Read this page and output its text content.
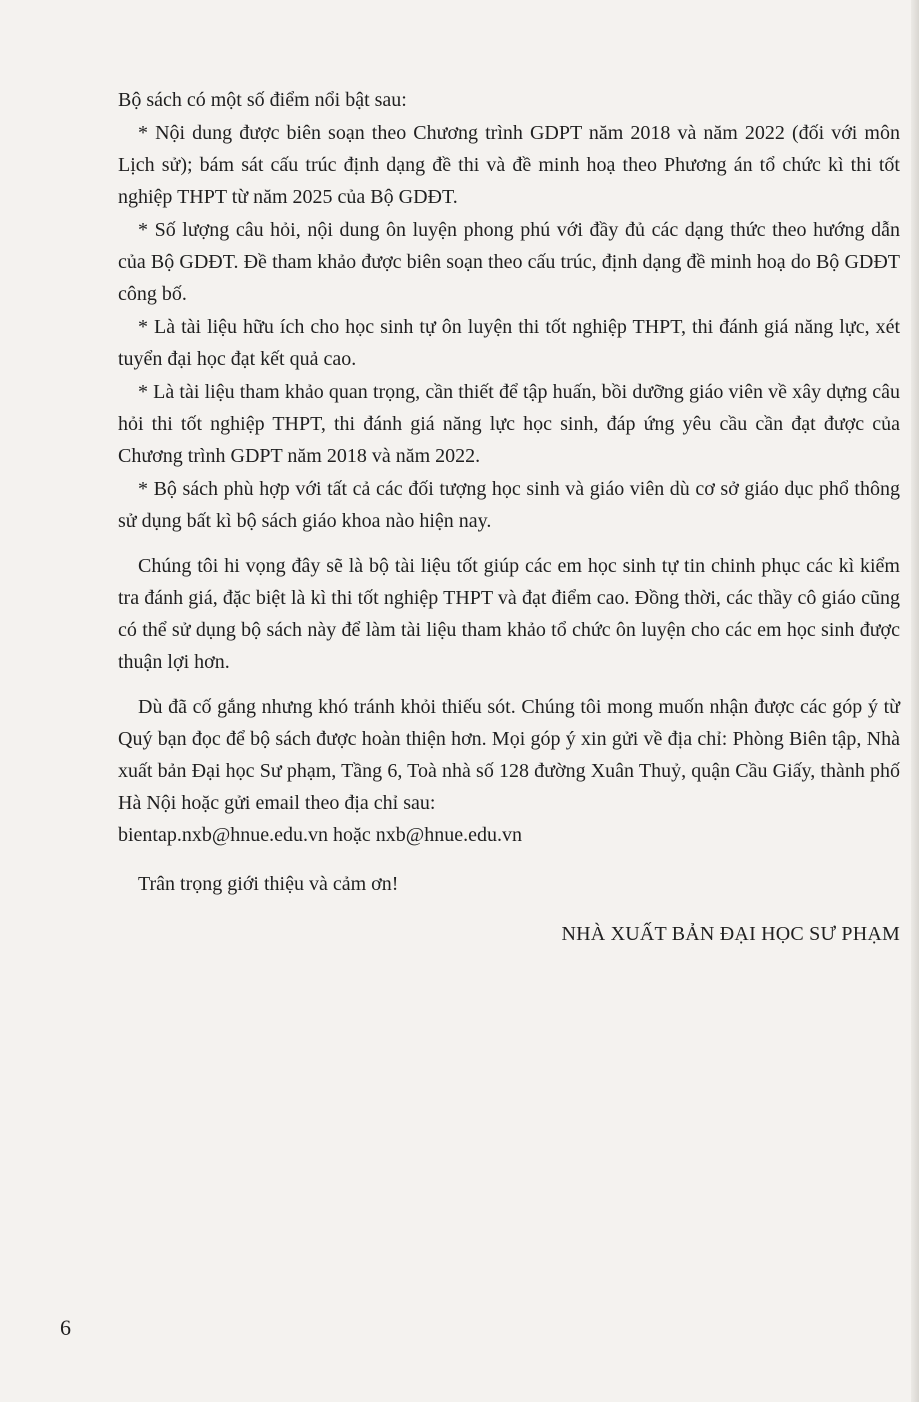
Bộ sách có một số điểm nổi bật sau:

* Nội dung được biên soạn theo Chương trình GDPT năm 2018 và năm 2022 (đối với môn Lịch sử); bám sát cấu trúc định dạng đề thi và đề minh hoạ theo Phương án tổ chức kì thi tốt nghiệp THPT từ năm 2025 của Bộ GDĐT.

* Số lượng câu hỏi, nội dung ôn luyện phong phú với đầy đủ các dạng thức theo hướng dẫn của Bộ GDĐT. Đề tham khảo được biên soạn theo cấu trúc, định dạng đề minh hoạ do Bộ GDĐT công bố.

* Là tài liệu hữu ích cho học sinh tự ôn luyện thi tốt nghiệp THPT, thi đánh giá năng lực, xét tuyển đại học đạt kết quả cao.

* Là tài liệu tham khảo quan trọng, cần thiết để tập huấn, bồi dưỡng giáo viên về xây dựng câu hỏi thi tốt nghiệp THPT, thi đánh giá năng lực học sinh, đáp ứng yêu cầu cần đạt được của Chương trình GDPT năm 2018 và năm 2022.

* Bộ sách phù hợp với tất cả các đối tượng học sinh và giáo viên dù cơ sở giáo dục phổ thông sử dụng bất kì bộ sách giáo khoa nào hiện nay.

Chúng tôi hi vọng đây sẽ là bộ tài liệu tốt giúp các em học sinh tự tin chinh phục các kì kiểm tra đánh giá, đặc biệt là kì thi tốt nghiệp THPT và đạt điểm cao. Đồng thời, các thầy cô giáo cũng có thể sử dụng bộ sách này để làm tài liệu tham khảo tổ chức ôn luyện cho các em học sinh được thuận lợi hơn.

Dù đã cố gắng nhưng khó tránh khỏi thiếu sót. Chúng tôi mong muốn nhận được các góp ý từ Quý bạn đọc để bộ sách được hoàn thiện hơn. Mọi góp ý xin gửi về địa chỉ: Phòng Biên tập, Nhà xuất bản Đại học Sư phạm, Tầng 6, Toà nhà số 128 đường Xuân Thuỷ, quận Cầu Giấy, thành phố Hà Nội hoặc gửi email theo địa chỉ sau:

bientap.nxb@hnue.edu.vn hoặc nxb@hnue.edu.vn

Trân trọng giới thiệu và cảm ơn!

NHÀ XUẤT BẢN ĐẠI HỌC SƯ PHẠM

6
